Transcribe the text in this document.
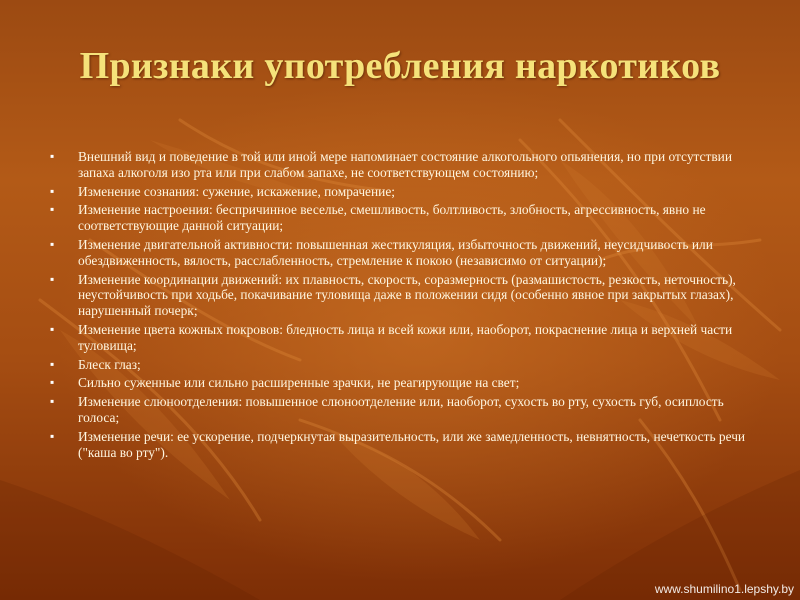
Признаки употребления наркотиков
▪ Внешний вид и поведение в той или иной мере напоминает состояние алкогольного опьянения, но при отсутствии запаха алкоголя изо рта или при слабом запахе, не соответствующем состоянию;
▪ Изменение сознания: сужение, искажение, помрачение;
▪ Изменение настроения: беспричинное веселье, смешливость, болтливость, злобность, агрессивность, явно не соответствующие данной ситуации;
▪ Изменение двигательной активности: повышенная жестикуляция, избыточность движений, неусидчивость или обездвиженность, вялость, расслабленность, стремление к покою (независимо от ситуации);
▪ Изменение координации движений: их плавность, скорость, соразмерность (размашистость, резкость, неточность), неустойчивость при ходьбе, покачивание туловища даже в положении сидя (особенно явное при закрытых глазах), нарушенный почерк;
▪ Изменение цвета кожных покровов: бледность лица и всей кожи или, наоборот, покраснение лица и верхней части туловища;
▪ Блеск глаз;
▪ Сильно суженные или сильно расширенные зрачки, не реагирующие на свет;
▪ Изменение слюноотделения: повышенное слюноотделение или, наоборот, сухость во рту, сухость губ, осиплость голоса;
▪ Изменение речи: ее ускорение, подчеркнутая выразительность, или же замедленность, невнятность, нечеткость речи ("каша во рту").
www.shumilino1.lepshy.by
